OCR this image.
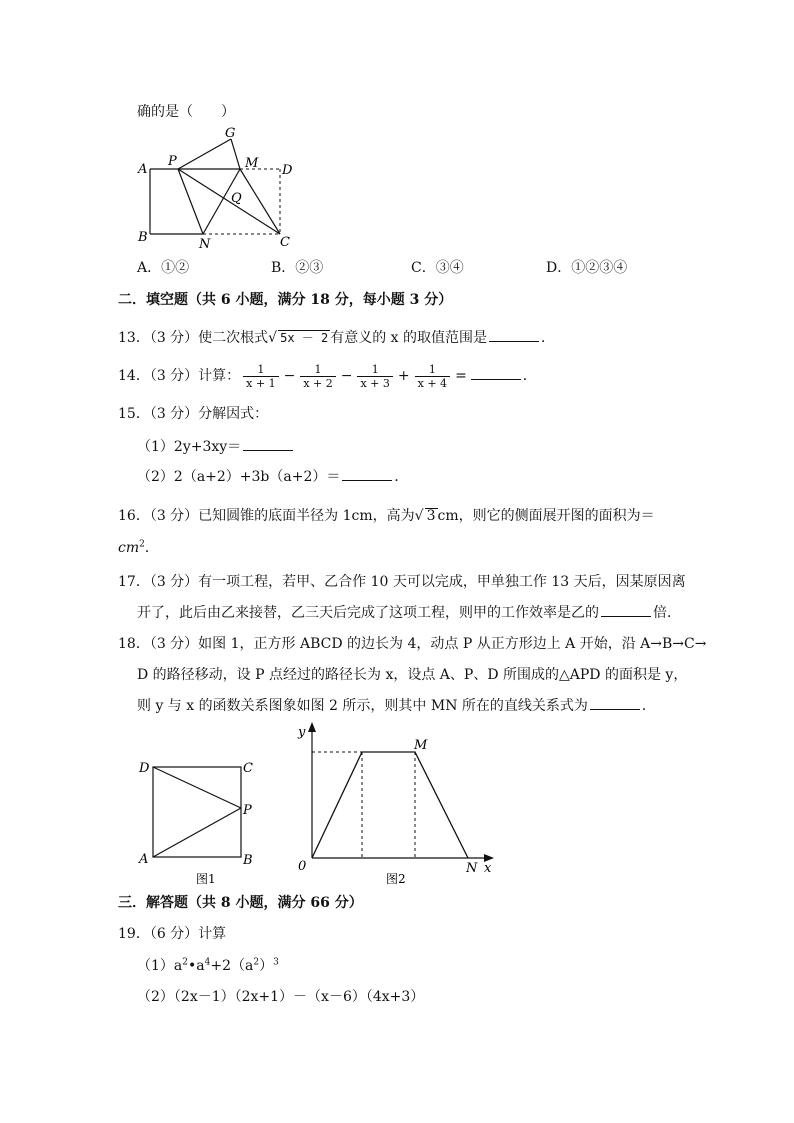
确的是（　　）
A
B	C
D
P	M
N
Q
G
A．①②	B．②③	C．③④	D．①②③④
二．填空题（共 6 小题，满分 18 分，每小题 3 分）
13．（3 分）使二次根式√ 5x － 2 有意义的 x 的取值范围是	．
14．（3 分）计算： $\frac{1}{x + 1} - \frac{1}{x + 2} - \frac{1}{x + 3} + \frac{1}{x + 4}$ =	．
15．（3 分）分解因式：
（1）2y+3xy＝
（2）2（a+2）+3b（a+2）＝	．
16．（3 分）已知圆锥的底面半径为 1cm，高为√ 3 cm，则它的侧面展开图的面积为＝
$cm^2$．
17．（3 分）有一项工程，若甲、乙合作 10 天可以完成，甲单独工作 13 天后，因某原因离
开了，此后由乙来接替，乙三天后完成了这项工程，则甲的工作效率是乙的	倍．
18．（3 分）如图 1，正方形 ABCD 的边长为 4，动点 P 从正方形边上 A 开始，沿 A→B→C→
D 的路径移动，设 P 点经过的路径长为 x，设点 A、P、D 所围成的△APD 的面积是 y，
则 y 与 x 的函数关系图象如图 2 所示，则其中 MN 所在的直线关系式为	．
D	C
P
A	B
图1
y
x
0
M
N
图2
三．解答题（共 8 小题，满分 66 分）
19．（6 分）计算
$(1)a^2•a^4+2(a^2)^3$
（2）（2x－1）（2x+1）－（x－6）（4x+3）
